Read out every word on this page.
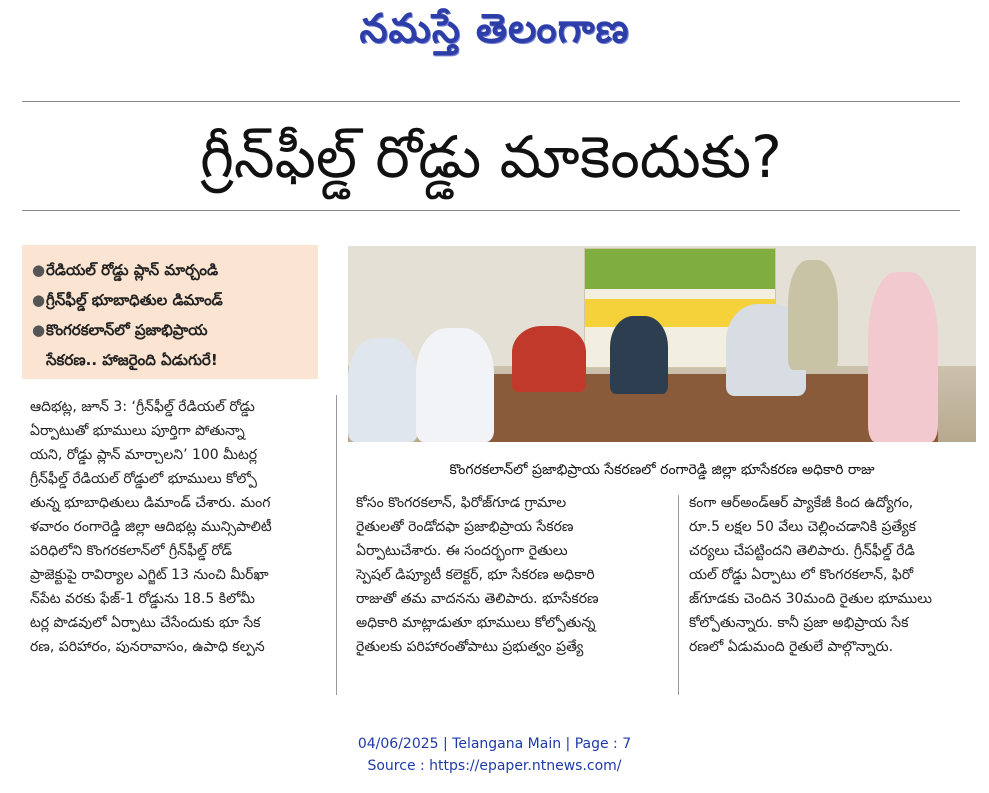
నమస్తే తెలంగాణ
గ్రీన్‌ఫీల్డ్ రోడ్డు మాకెందుకు?
● రేడియల్ రోడ్డు ప్లాన్ మార్చండి
● గ్రీన్‌ఫీల్డ్ భూబాధితుల డిమాండ్
● కొంగరకలాన్‌లో ప్రజాభిప్రాయ
సేకరణ.. హాజరైంది ఏడుగురే!
కొంగరకలాన్‌లో ప్రజాభిప్రాయ సేకరణలో రంగారెడ్డి జిల్లా భూసేకరణ అధికారి రాజు

ఆదిభట్ల, జూన్ 3: ‘గ్రీన్‌ఫీల్డ్ రేడియల్ రోడ్డు

ఏర్పాటుతో భూములు పూర్తిగా పోతున్నా

యని, రోడ్డు ప్లాన్ మార్చాలని’ 100 మీటర్ల

గ్రీన్‌ఫీల్డ్ రేడియల్ రోడ్డులో భూములు కోల్పో

తున్న భూబాధితులు డిమాండ్ చేశారు. మంగ

ళవారం రంగారెడ్డి జిల్లా ఆదిభట్ల మున్సిపాలిటీ

పరిధిలోని కొంగరకలాన్‌లో గ్రీన్‌ఫీల్డ్ రోడ్

ప్రాజెక్టుపై రావిర్యాల ఎగ్జిట్ 13 నుంచి మీర్‌ఖా

న్‌పేట వరకు ఫేజ్-1 రోడ్డును 18.5 కిలోమీ

టర్ల పొడవులో ఏర్పాటు చేసేందుకు భూ సేక

రణ, పరిహారం, పునరావాసం, ఉపాధి కల్పన

కోసం కొంగరకలాన్, ఫిరోజ్‌గూడ గ్రామాల

రైతులతో రెండోదఫా ప్రజాభిప్రాయ సేకరణ

ఏర్పాటుచేశారు. ఈ సందర్భంగా రైతులు

స్పెషల్ డిప్యూటీ కలెక్టర్, భూ సేకరణ అధికారి

రాజుతో తమ వాదనను తెలిపారు. భూసేకరణ

అధికారి మాట్లాడుతూ భూములు కోల్పోతున్న

రైతులకు పరిహారంతోపాటు ప్రభుత్వం ప్రత్యే

కంగా ఆర్‌అండ్‌ఆర్ ప్యాకేజీ కింద ఉద్యోగం,

రూ.5 లక్షల 50 వేలు చెల్లించడానికి ప్రత్యేక

చర్యలు చేపట్టిందని తెలిపారు. గ్రీన్‌ఫీల్డ్ రేడి

యల్ రోడ్డు ఏర్పాటు లో కొంగరకలాన్, ఫిరో

జ్‌గూడకు చెందిన 30మంది రైతుల భూములు

కోల్పోతున్నారు. కానీ ప్రజా అభిప్రాయ సేక

రణలో ఏడుమంది రైతులే పాల్గొన్నారు.

04/06/2025 | Telangana Main | Page : 7
Source : https://epaper.ntnews.com/
